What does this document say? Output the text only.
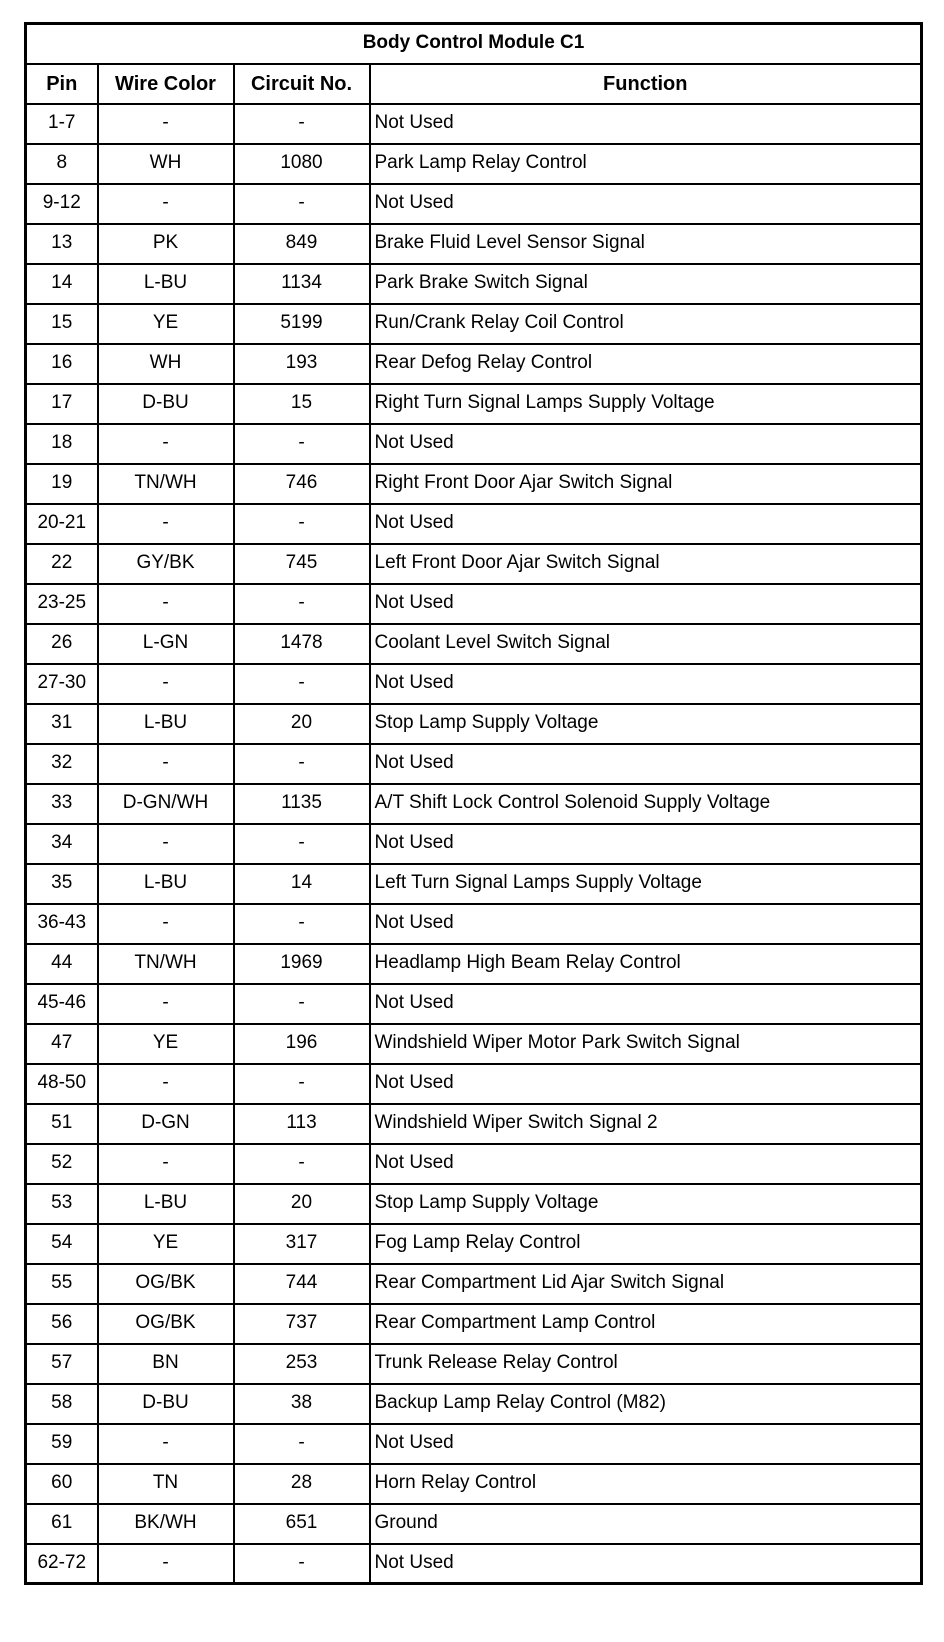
Body Control Module C1			
Pin	Wire Color	Circuit No.	Function
1-7	-	-	Not Used
8	WH	1080	Park Lamp Relay Control
9-12	-	-	Not Used
13	PK	849	Brake Fluid Level Sensor Signal
14	L-BU	1134	Park Brake Switch Signal
15	YE	5199	Run/Crank Relay Coil Control
16	WH	193	Rear Defog Relay Control
17	D-BU	15	Right Turn Signal Lamps Supply Voltage
18	-	-	Not Used
19	TN/WH	746	Right Front Door Ajar Switch Signal
20-21	-	-	Not Used
22	GY/BK	745	Left Front Door Ajar Switch Signal
23-25	-	-	Not Used
26	L-GN	1478	Coolant Level Switch Signal
27-30	-	-	Not Used
31	L-BU	20	Stop Lamp Supply Voltage
32	-	-	Not Used
33	D-GN/WH	1135	A/T Shift Lock Control Solenoid Supply Voltage
34	-	-	Not Used
35	L-BU	14	Left Turn Signal Lamps Supply Voltage
36-43	-	-	Not Used
44	TN/WH	1969	Headlamp High Beam Relay Control
45-46	-	-	Not Used
47	YE	196	Windshield Wiper Motor Park Switch Signal
48-50	-	-	Not Used
51	D-GN	113	Windshield Wiper Switch Signal 2
52	-	-	Not Used
53	L-BU	20	Stop Lamp Supply Voltage
54	YE	317	Fog Lamp Relay Control
55	OG/BK	744	Rear Compartment Lid Ajar Switch Signal
56	OG/BK	737	Rear Compartment Lamp Control
57	BN	253	Trunk Release Relay Control
58	D-BU	38	Backup Lamp Relay Control (M82)
59	-	-	Not Used
60	TN	28	Horn Relay Control
61	BK/WH	651	Ground
62-72	-	-	Not Used
